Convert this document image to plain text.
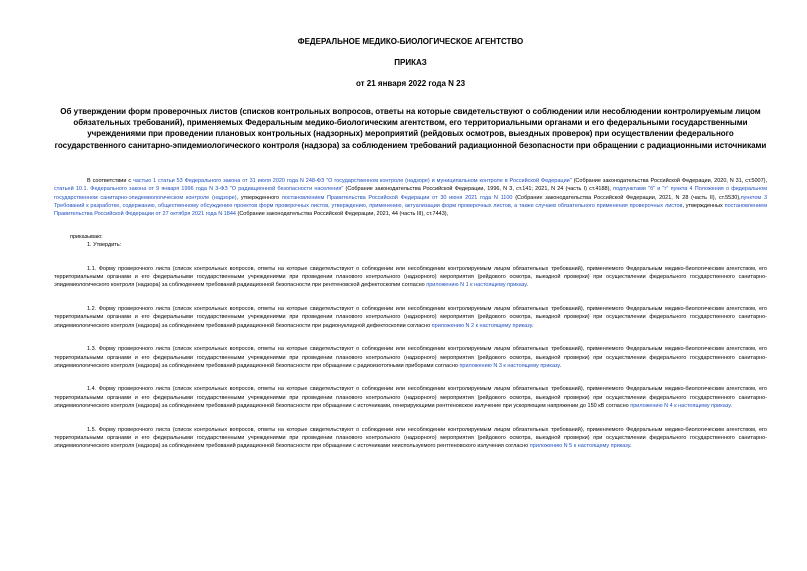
ФЕДЕРАЛЬНОЕ МЕДИКО-БИОЛОГИЧЕСКОЕ АГЕНТСТВО
ПРИКАЗ
от 21 января 2022 года N 23
Об утверждении форм проверочных листов (списков контрольных вопросов, ответы на которые свидетельствуют о соблюдении или несоблюдении контролируемым лицом обязательных требований), применяемых Федеральным медико-биологическим агентством, его территориальными органами и его федеральными государственными учреждениями при проведении плановых контрольных (надзорных) мероприятий (рейдовых осмотров, выездных проверок) при осуществлении федерального государственного санитарно-эпидемиологического контроля (надзора) за соблюдением требований радиационной безопасности при обращении с радиационными источниками

В соответствии с частью 1 статьи 53 Федерального закона от 31 июля 2020 года N 248-ФЗ "О государственном контроле (надзоре) и муниципальном контроле в Российской Федерации" (Собрание законодательства Российской Федерации, 2020, N 31, ст.5007), статьей 10.1. Федерального закона от 9 января 1996 года N 3-ФЗ "О радиационной безопасности населения" (Собрание законодательства Российской Федерации, 1996, N 3, ст.141; 2021, N 24 (часть I) ст.4188), подпунктами "б" и "г" пункта 4 Положения о федеральном государственном санитарно-эпидемиологическом контроле (надзоре), утвержденного постановлением Правительства Российской Федерации от 30 июня 2021 года N 1100 (Собрание законодательства Российской Федерации, 2021, N 28 (часть II), ст.5530),пунктом 3 Требований к разработке, содержанию, общественному обсуждению проектов форм проверочных листов, утверждению, применению, актуализации форм проверочных листов, а также случаев обязательного применения проверочных листов, утвержденных постановлением Правительства Российской Федерации от 27 октября 2021 года N 1844 (Собрание законодательства Российской Федерации, 2021, 44 (часть III), ст.7443),

приказываю:

1. Утвердить:

1.1. Форму проверочного листа (список контрольных вопросов, ответы на которые свидетельствуют о соблюдении или несоблюдении контролируемым лицом обязательных требований), применяемого Федеральным медико-биологическим агентством, его территориальными органами и его федеральными государственными учреждениями при проведении планового контрольного (надзорного) мероприятия (рейдового осмотра, выездной проверки) при осуществлении федерального государственного санитарно-эпидемиологического контроля (надзора) за соблюдением требований радиационной безопасности при рентгеновской дефектоскопии согласно приложению N 1 к настоящему приказу.

1.2. Форму проверочного листа (список контрольных вопросов, ответы на которые свидетельствуют о соблюдении или несоблюдении контролируемым лицом обязательных требований), применяемого Федеральным медико-биологическим агентством, его территориальными органами и его федеральными государственными учреждениями при проведении планового контрольного (надзорного) мероприятия (рейдового осмотра, выездной проверки) при осуществлении федерального государственного санитарно-эпидемиологического контроля (надзора) за соблюдением требований радиационной безопасности при радионуклидной дефектоскопии согласно приложению N 2 к настоящему приказу.

1.3. Форму проверочного листа (список контрольных вопросов, ответы на которые свидетельствуют о соблюдении или несоблюдении контролируемым лицом обязательных требований), применяемого Федеральным медико-биологическим агентством, его территориальными органами и его федеральными государственными учреждениями при проведении планового контрольного (надзорного) мероприятия (рейдового осмотра, выездной проверки) при осуществлении федерального государственного санитарно-эпидемиологического контроля (надзора) за соблюдением требований радиационной безопасности при обращении с радиоизотопными приборами согласно приложению N 3 к настоящему приказу.

1.4. Форму проверочного листа (список контрольных вопросов, ответы на которые свидетельствуют о соблюдении или несоблюдении контролируемым лицом обязательных требований), применяемого Федеральным медико-биологическим агентством, его территориальными органами и его федеральными государственными учреждениями при проведении планового контрольного (надзорного) мероприятия (рейдового осмотра, выездной проверки) при осуществлении федерального государственного санитарно-эпидемиологического контроля (надзора) за соблюдением требований радиационной безопасности при обращении с источниками, генерирующими рентгеновское излучение при ускоряющем напряжении до 150 кВ согласно приложению N 4 к настоящему приказу.

1.5. Форму проверочного листа (список контрольных вопросов, ответы на которые свидетельствуют о соблюдении или несоблюдении контролируемым лицом обязательных требований), применяемого Федеральным медико-биологическим агентством, его территориальными органами и его федеральными государственными учреждениями при проведении планового контрольного (надзорного) мероприятия (рейдового осмотра, выездной проверки) при осуществлении федерального государственного санитарно-эпидемиологического контроля (надзора) за соблюдением требований радиационной безопасности при обращении с источниками неиспользуемого рентгеновского излучения согласно приложению N 5 к настоящему приказу.
